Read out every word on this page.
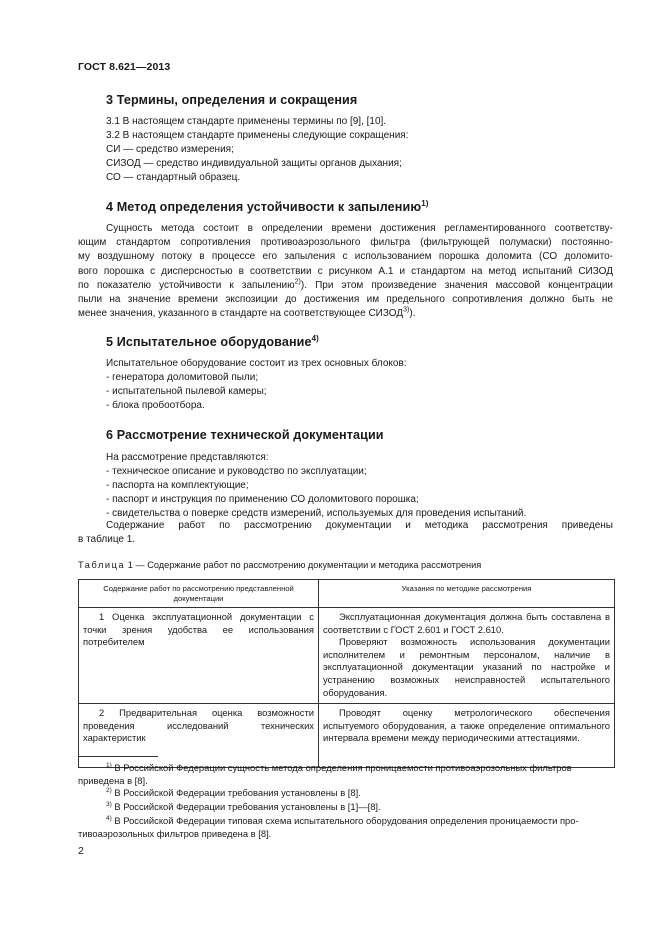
ГОСТ 8.621—2013
3 Термины, определения и сокращения
3.1 В настоящем стандарте применены термины по [9], [10].
3.2 В настоящем стандарте применены следующие сокращения:
СИ — средство измерения;
СИЗОД — средство индивидуальной защиты органов дыхания;
СО — стандартный образец.
4 Метод определения устойчивости к запылению$^{1)}$
Сущность метода состоит в определении времени достижения регламентированного соответству-
ющим стандартом сопротивления противоаэрозольного фильтра (фильтрующей полумаски) постоянно-
му воздушному потоку в процессе его запыления с использованием порошка доломита (СО доломито-
вого порошка с дисперсностью в соответствии с рисунком А.1 и стандартом на метод испытаний СИЗОД
по показателю устойчивости к запылению$^{2)}$). При этом произведение значения массовой концентрации
пыли на значение времени экспозиции до достижения им предельного сопротивления должно быть не
менее значения, указанного в стандарте на соответствующее СИЗОД$^{3)}$).
5 Испытательное оборудование$^{4)}$
Испытательное оборудование состоит из трех основных блоков:
- генератора доломитовой пыли;
- испытательной пылевой камеры;
- блока пробоотбора.
6 Рассмотрение технической документации
На рассмотрение представляются:
- техническое описание и руководство по эксплуатации;
- паспорта на комплектующие;
- паспорт и инструкция по применению СО доломитового порошка;
- свидетельства о поверке средств измерений, используемых для проведения испытаний.
Содержание работ по рассмотрению документации и методика рассмотрения приведены
в таблице 1.
Таблица 1 — Содержание работ по рассмотрению документации и методика рассмотрения
Содержание работ по рассмотрению представленной документации	Указания по методике рассмотрения

1 Оценка эксплуатационной документации с точки зрения удобства ее использования потребителем	Эксплуатационная документация должна быть составлена в соответствии с ГОСТ 2.601 и ГОСТ 2.610.

Проверяют возможность использования документации исполнителем и ремонтным персоналом, наличие в эксплуатационной документации указаний по настройке и устранению возможных неисправностей испытательного оборудования.

2 Предварительная оценка возможности проведения исследований технических характеристик	Проводят оценку метрологического обеспечения испытуемого оборудования, а также определение оптимального интервала времени между периодическими аттестациями.

$^{1)}$ В Российской Федерации сущность метода определения проницаемости противоаэрозольных фильтров
приведена в [8].
$^{2)}$ В Российской Федерации требования установлены в [8].
$^{3)}$ В Российской Федерации требования установлены в [1]—[8].
$^{4)}$ В Российской Федерации типовая схема испытательного оборудования определения проницаемости про-
тивоаэрозольных фильтров приведена в [8].
2
